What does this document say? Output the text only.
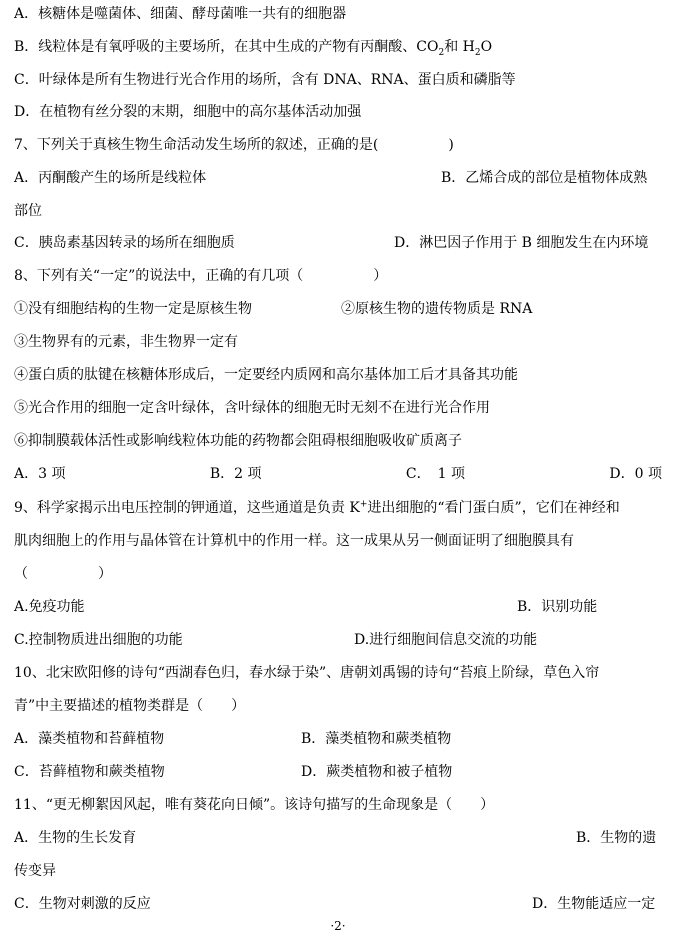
A．核糖体是噬菌体、细菌、酵母菌唯一共有的细胞器
B．线粒体是有氧呼吸的主要场所，在其中生成的产物有丙酮酸、$CO_2$和 $H_2O$
C．叶绿体是所有生物进行光合作用的场所，含有 DNA、RNA、蛋白质和磷脂等
D．在植物有丝分裂的末期，细胞中的高尔基体活动加强
7、下列关于真核生物生命活动发生场所的叙述，正确的是(　　　　　)
A．丙酮酸产生的场所是线粒体	B．乙烯合成的部位是植物体成熟
部位
C．胰岛素基因转录的场所在细胞质	D．淋巴因子作用于 B 细胞发生在内环境
8、下列有关“一定”的说法中，正确的有几项（　　　　　）
①没有细胞结构的生物一定是原核生物	②原核生物的遗传物质是 RNA
③生物界有的元素，非生物界一定有
④蛋白质的肽键在核糖体形成后，一定要经内质网和高尔基体加工后才具备其功能
⑤光合作用的细胞一定含叶绿体，含叶绿体的细胞无时无刻不在进行光合作用
⑥抑制膜载体活性或影响线粒体功能的药物都会阻碍根细胞吸收矿质离子
A．3 项	B．2 项	C．　1 项	D．0 项
9、科学家揭示出电压控制的钾通道，这些通道是负责 K+进出细胞的“看门蛋白质”，它们在神经和
肌肉细胞上的作用与晶体管在计算机中的作用一样。这一成果从另一侧面证明了细胞膜具有
（　　　　　）
A.免疫功能	B．识别功能
C.控制物质进出细胞的功能	D.进行细胞间信息交流的功能
10、北宋欧阳修的诗句“西湖春色归，春水绿于染”、唐朝刘禹锡的诗句“苔痕上阶绿，草色入帘
青”中主要描述的植物类群是（　　）
A．藻类植物和苔藓植物	B．藻类植物和蕨类植物
C．苔藓植物和蕨类植物	D．蕨类植物和被子植物
11、“更无柳絮因风起，唯有葵花向日倾”。该诗句描写的生命现象是（　　）
A．生物的生长发育	B．生物的遗
传变异
C．生物对刺激的反应	D．生物能适应一定
·2·
